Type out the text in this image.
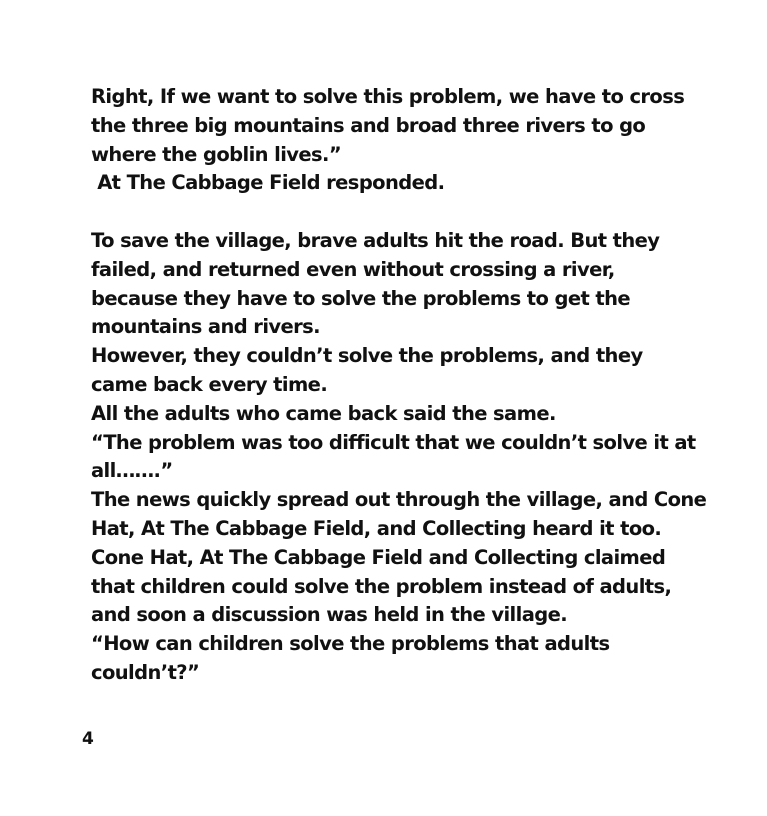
Right, If we want to solve this problem, we have to cross
the three big mountains and broad three rivers to go
where the goblin lives.”
At The Cabbage Field responded.
To save the village, brave adults hit the road. But they
failed, and returned even without crossing a river,
because they have to solve the problems to get the
mountains and rivers.
However, they couldn’t solve the problems, and they
came back every time.
All the adults who came back said the same.
“The problem was too difficult that we couldn’t solve it at
all…….”
The news quickly spread out through the village, and Cone
Hat, At The Cabbage Field, and Collecting heard it too.
Cone Hat, At The Cabbage Field and Collecting claimed
that children could solve the problem instead of adults,
and soon a discussion was held in the village.
“How can children solve the problems that adults
couldn’t?”
4
